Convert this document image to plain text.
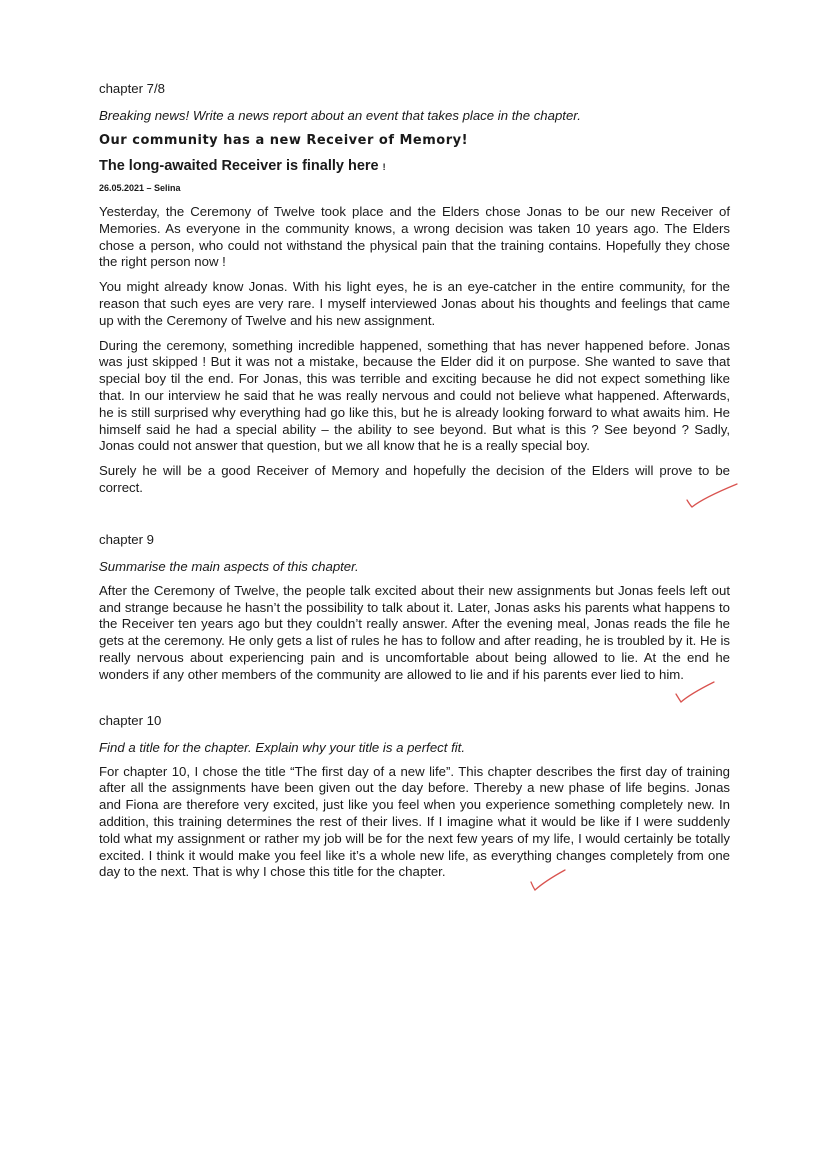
chapter 7/8
Breaking news! Write a news report about an event that takes place in the chapter.
Our community has a new Receiver of Memory!
The long-awaited Receiver is finally here !
26.05.2021 – Selina

Yesterday, the Ceremony of Twelve took place and the Elders chose Jonas to be our new Receiver of Memories. As everyone in the community knows, a wrong decision was taken 10 years ago. The Elders chose a person, who could not withstand the physical pain that the training contains. Hopefully they chose the right person now !

You might already know Jonas. With his light eyes, he is an eye-catcher in the entire community, for the reason that such eyes are very rare. I myself interviewed Jonas about his thoughts and feelings that came up with the Ceremony of Twelve and his new assignment.

During the ceremony, something incredible happened, something that has never happened before. Jonas was just skipped ! But it was not a mistake, because the Elder did it on purpose. She wanted to save that special boy til the end. For Jonas, this was terrible and exciting because he did not expect something like that. In our interview he said that he was really nervous and could not believe what happened. Afterwards, he is still surprised why everything had go like this, but he is already looking forward to what awaits him. He himself said he had a special ability – the ability to see beyond. But what is this ? See beyond ? Sadly, Jonas could not answer that question, but we all know that he is a really special boy.

Surely he will be a good Receiver of Memory and hopefully the decision of the Elders will prove to be correct.

chapter 9
Summarise the main aspects of this chapter.

After the Ceremony of Twelve, the people talk excited about their new assignments but Jonas feels left out and strange because he hasn’t the possibility to talk about it. Later, Jonas asks his parents what happens to the Receiver ten years ago but they couldn’t really answer. After the evening meal, Jonas reads the file he gets at the ceremony. He only gets a list of rules he has to follow and after reading, he is troubled by it. He is really nervous about experiencing pain and is uncomfortable about being allowed to lie. At the end he wonders if any other members of the community are allowed to lie and if his parents ever lied to him.

chapter 10
Find a title for the chapter. Explain why your title is a perfect fit.

For chapter 10, I chose the title “The first day of a new life”. This chapter describes the first day of training after all the assignments have been given out the day before. Thereby a new phase of life begins. Jonas and Fiona are therefore very excited, just like you feel when you experience something completely new. In addition, this training determines the rest of their lives. If I imagine what it would be like if I were suddenly told what my assignment or rather my job will be for the next few years of my life, I would certainly be totally excited. I think it would make you feel like it’s a whole new life, as everything changes completely from one day to the next. That is why I chose this title for the chapter.
